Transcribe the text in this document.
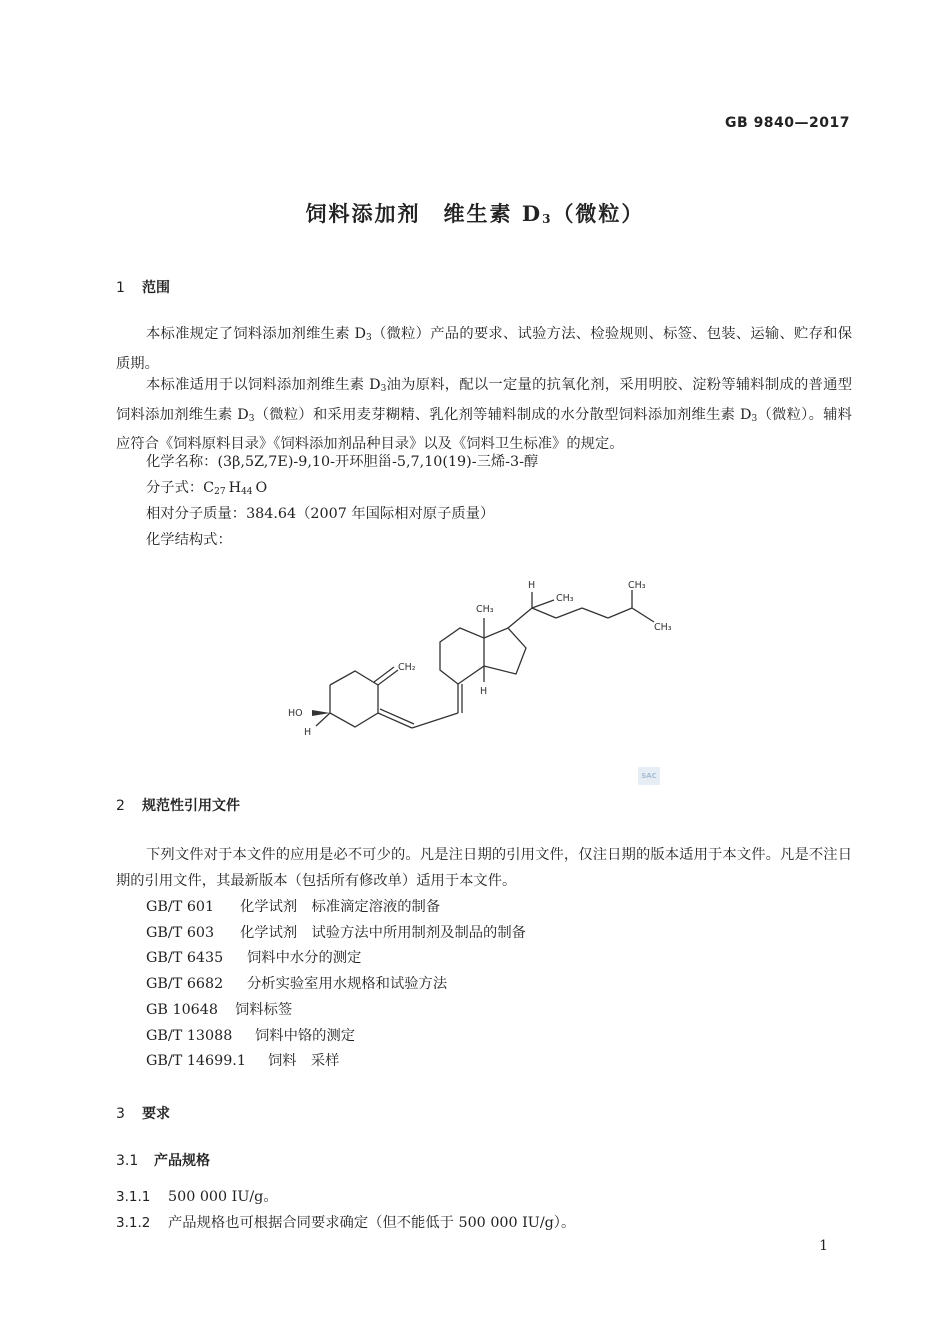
GB 9840—2017
饲料添加剂　维生素 D3（微粒）
1 范围
本标准规定了饲料添加剂维生素 $D_3$（微粒）产品的要求、试验方法、检验规则、标签、包装、运输、贮存和保质期。
本标准适用于以饲料添加剂维生素 $D_3$油为原料，配以一定量的抗氧化剂，采用明胶、淀粉等辅料制成的普通型饲料添加剂维生素 $D_3$（微粒）和采用麦芽糊精、乳化剂等辅料制成的水分散型饲料添加剂维生素 $D_3$（微粒）。辅料应符合《饲料原料目录》《饲料添加剂品种目录》以及《饲料卫生标准》的规定。
化学名称：(3β,5Z,7E)-9,10-开环胆甾-5,7,10(19)-三烯-3-醇
分子式：$C_{27}$ $H_{44}$ O
相对分子质量：384.64（2007 年国际相对原子质量）
化学结构式：
HO
H
CH₂
CH₃
H
CH₃
H
CH₃
CH₃
SAC
2 规范性引用文件
下列文件对于本文件的应用是必不可少的。凡是注日期的引用文件，仅注日期的版本适用于本文件。凡是不注日期的引用文件，其最新版本（包括所有修改单）适用于本文件。
GB/T 601 化学试剂　标准滴定溶液的制备
GB/T 603 化学试剂　试验方法中所用制剂及制品的制备
GB/T 6435 饲料中水分的测定
GB/T 6682 分析实验室用水规格和试验方法
GB 10648 饲料标签
GB/T 13088 饲料中铬的测定
GB/T 14699.1 饲料　采样
3 要求
3.1 产品规格
3.1.1 500 000 IU/g。
3.1.2 产品规格也可根据合同要求确定（但不能低于 500 000 IU/g）。
1
